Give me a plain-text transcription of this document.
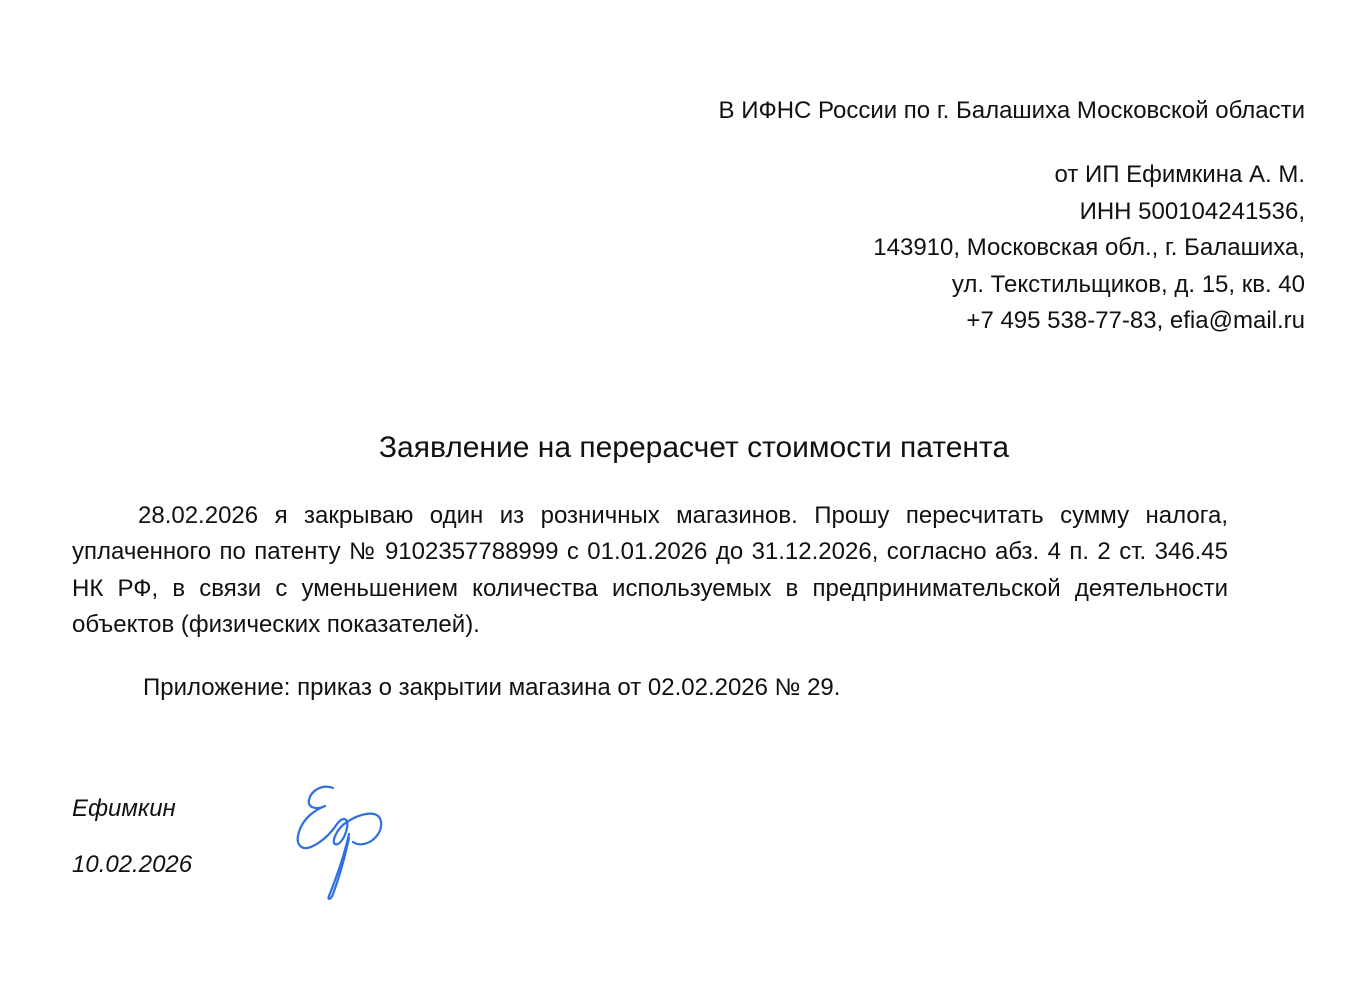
В ИФНС России по г. Балашиха Московской области
от ИП Ефимкина А. М.
ИНН 500104241536,
143910, Московская обл., г. Балашиха,
ул. Текстильщиков, д. 15, кв. 40
+7 495 538-77-83, efia@mail.ru
Заявление на перерасчет стоимости патента

28.02.2026 я закрываю один из розничных магазинов. Прошу пересчитать сумму налога, уплаченного по патенту № 9102357788999 с 01.01.2026 до 31.12.2026, согласно абз. 4 п. 2 ст. 346.45 НК РФ, в связи с уменьшением количества используемых в предпринимательской деятельности объектов (физических показателей).

Приложение: приказ о закрытии магазина от 02.02.2026 № 29.
Ефимкин
10.02.2026
